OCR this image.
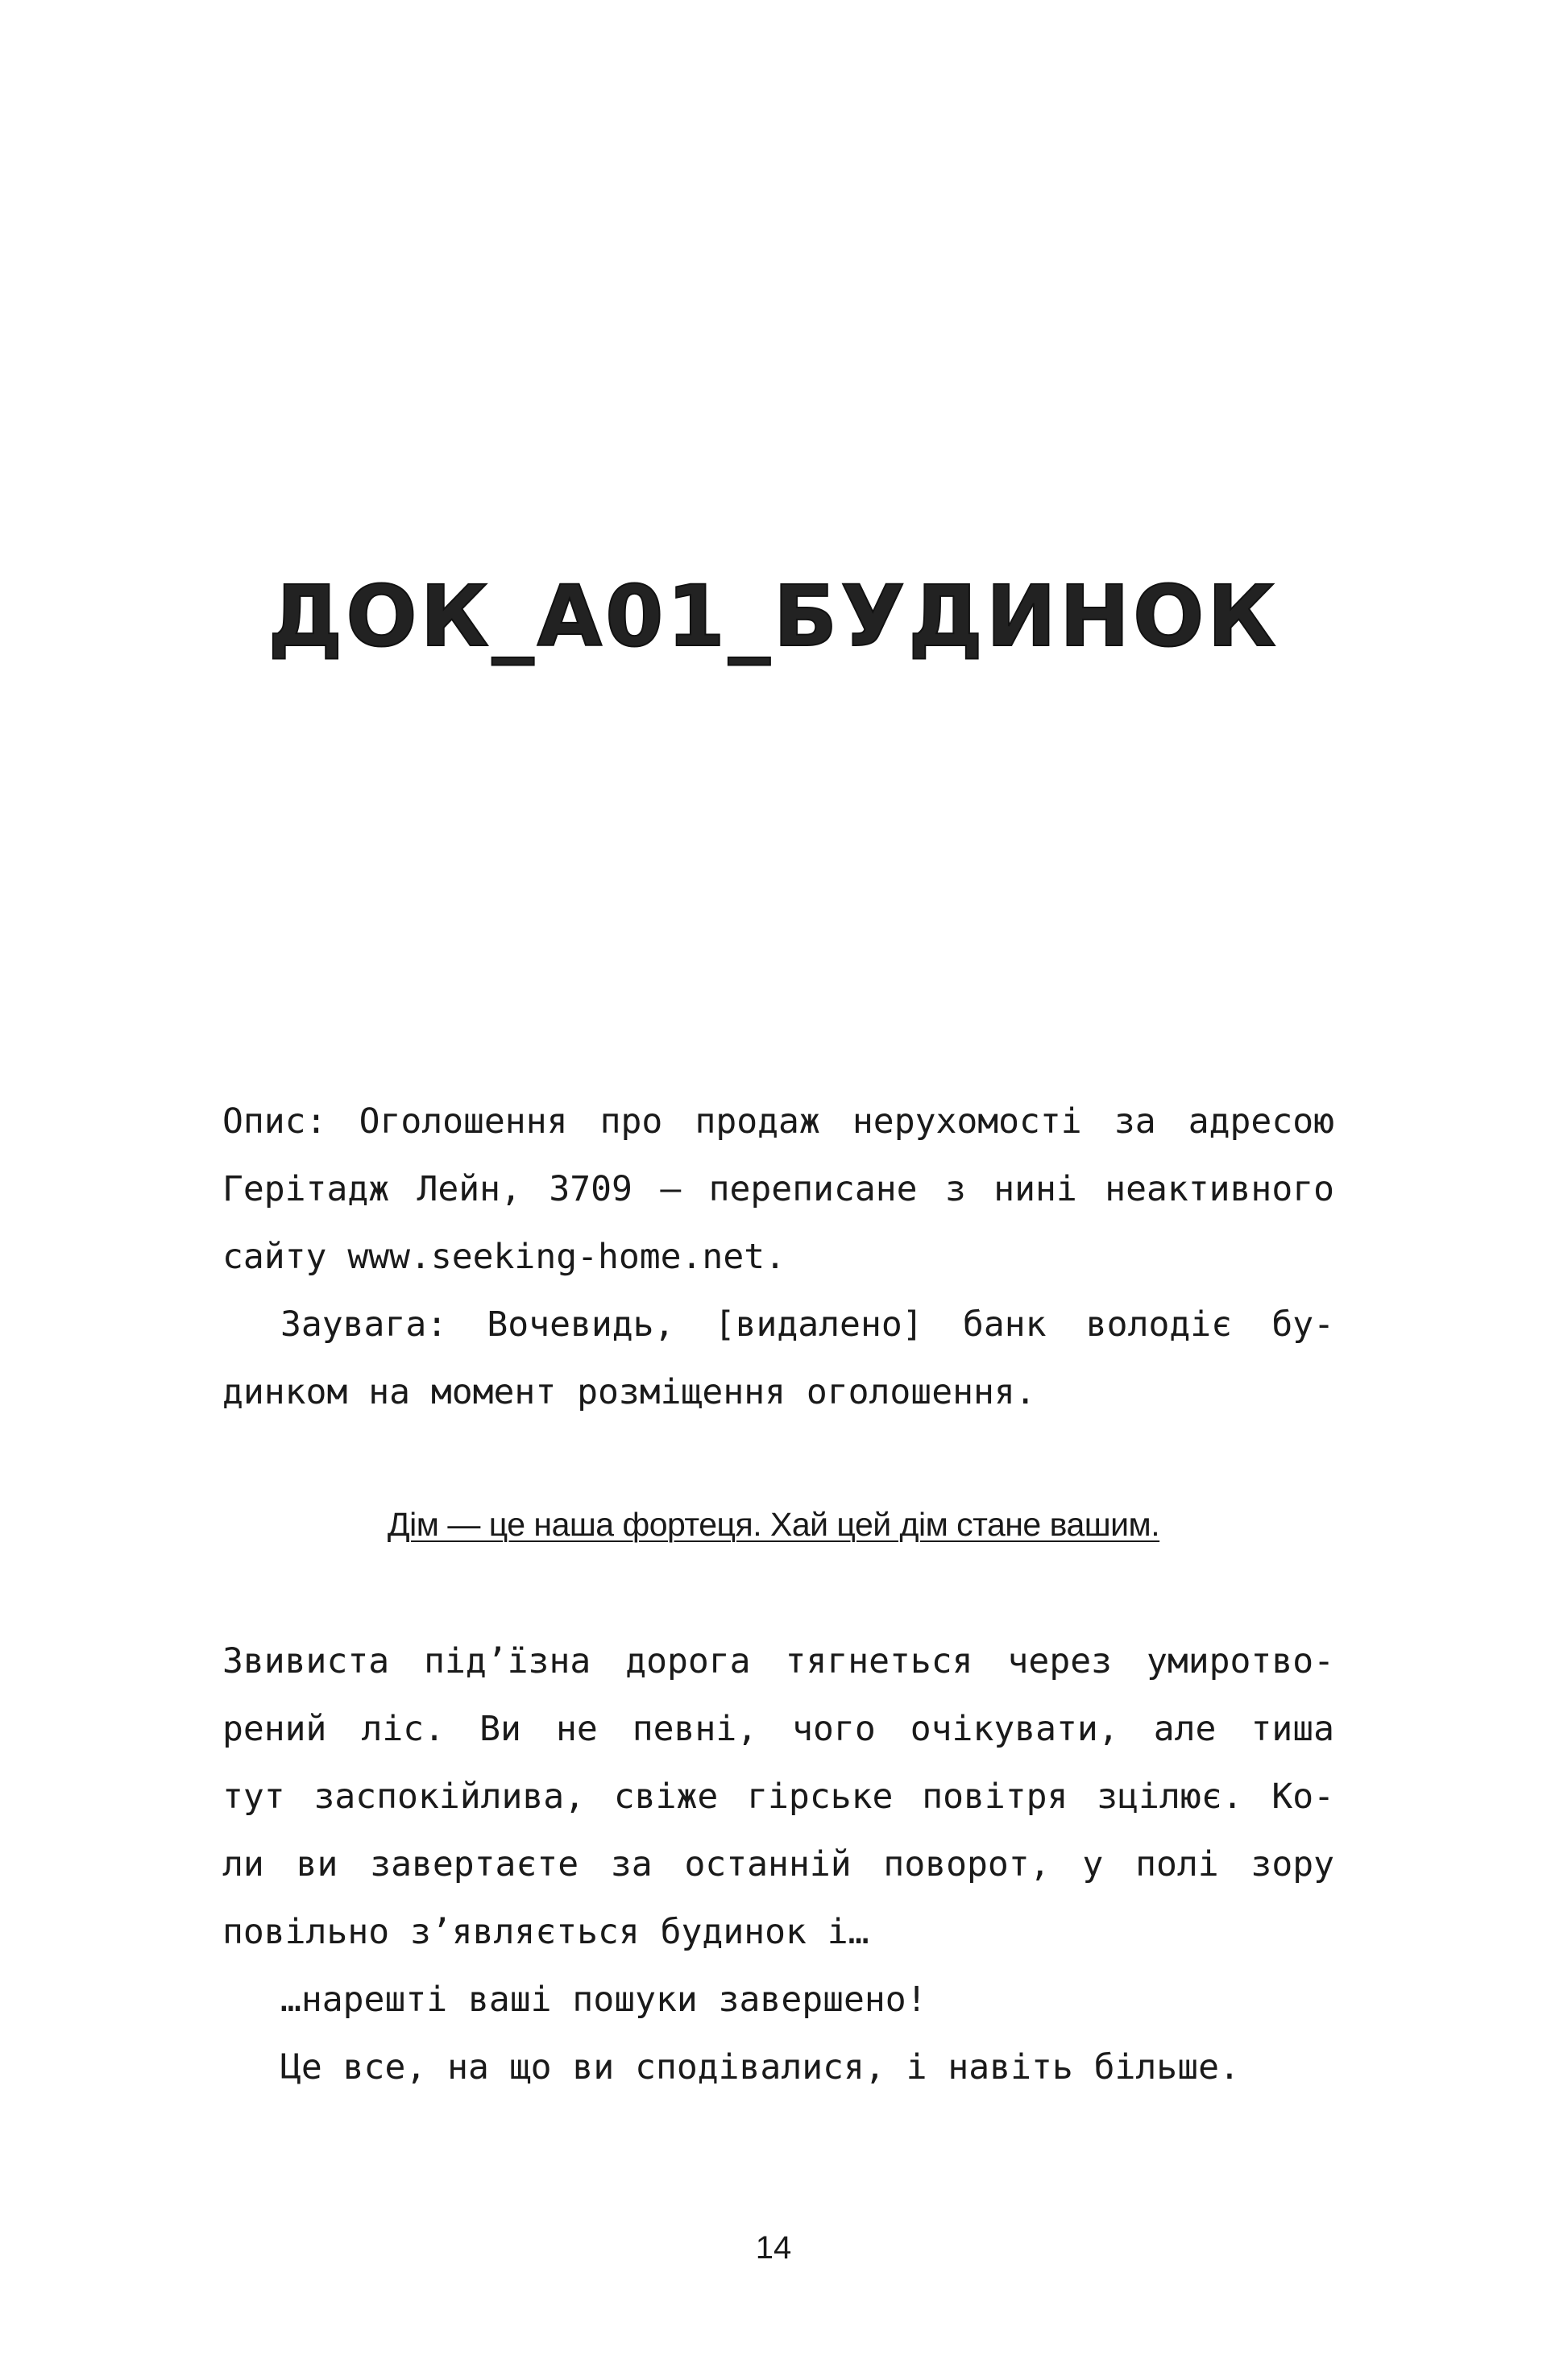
ДОК_А01_БУДИНОК
Опис: Оголошення про продаж нерухомості за адресою
Герітадж Лейн, 3709 – переписане з нині неактивного
сайту www.seeking-home.net.
Заувага: Вочевидь, [видалено] банк володіє бу-
динком на момент розміщення оголошення.
Дім — це наша фортеця. Хай цей дім стане вашим.
Звивиста під’їзна дорога тягнеться через умиротво-
рений ліс. Ви не певні, чого очікувати, але тиша
тут заспокійлива, свіже гірське повітря зцілює. Ко-
ли ви завертаєте за останній поворот, у полі зору
повільно з’являється будинок і…
…нарешті ваші пошуки завершено!
Це все, на що ви сподівалися, і навіть більше.
14
